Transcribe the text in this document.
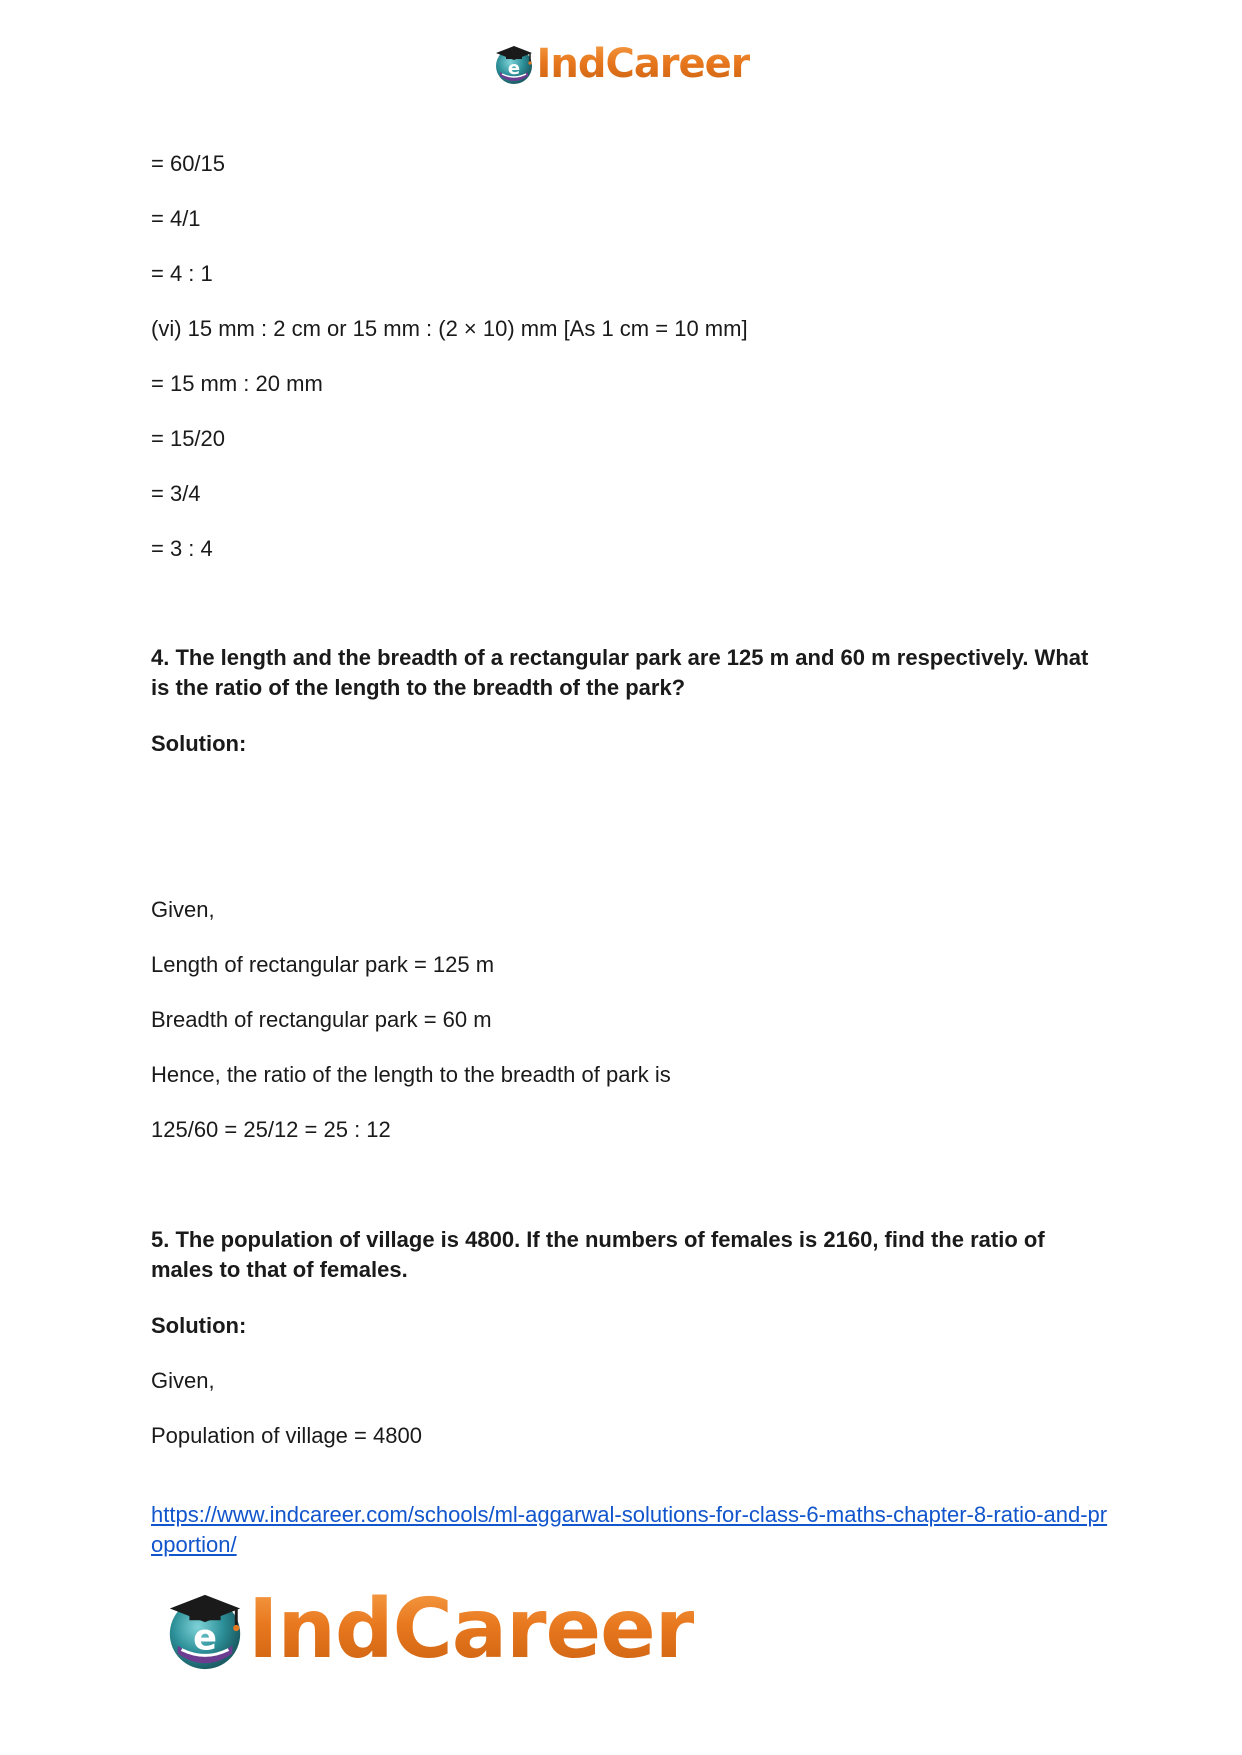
e IndCareer
= 60/15
= 4/1
= 4 : 1
(vi) 15 mm : 2 cm or 15 mm : (2 × 10) mm [As 1 cm = 10 mm]
= 15 mm : 20 mm
= 15/20
= 3/4
= 3 : 4
4. The length and the breadth of a rectangular park are 125 m and 60 m respectively. What is the ratio of the length to the breadth of the park?
Solution:
Given,
Length of rectangular park = 125 m
Breadth of rectangular park = 60 m
Hence, the ratio of the length to the breadth of park is
125/60 = 25/12 = 25 : 12
5. The population of village is 4800. If the numbers of females is 2160, find the ratio of males to that of females.
Solution:
Given,
Population of village = 4800
https://www.indcareer.com/schools/ml-aggarwal-solutions-for-class-6-maths-chapter-8-ratio-and-proportion/
e IndCareer
